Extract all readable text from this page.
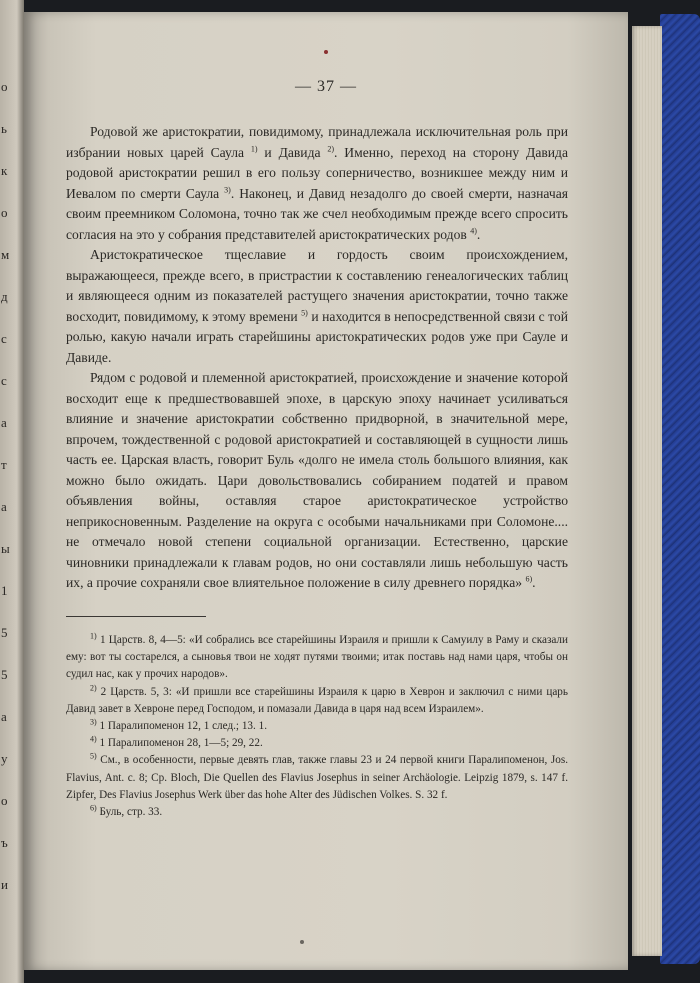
о
ь
к
о
м
д
с
с
а
т
а
ы
1
5
5
а
у
о
ъ
и
— 37 —

Родовой же аристократии, повидимому, принадлежала исключительная роль при избрании новых царей Саула $^{1)}$ и Давида $^{2)}$. Именно, переход на сторону Давида родовой аристократии решил в его пользу соперничество, возникшее между ним и Иевалом по смерти Саула $^{3)}$. Наконец, и Давид незадолго до своей смерти, назначая своим преемником Соломона, точно так же счел необходимым прежде всего спросить согласия на это у собрания представителей аристократических родов $^{4)}$.

Аристократическое тщеславие и гордость своим происхождением, выражающееся, прежде всего, в пристрастии к составлению генеалогических таблиц и являющееся одним из показателей растущего значения аристократии, точно также восходит, повидимому, к этому времени $^{5)}$ и находится в непосредственной связи с той ролью, какую начали играть старейшины аристократических родов уже при Сауле и Давиде.

Рядом с родовой и племенной аристократией, происхождение и значение которой восходит еще к предшествовавшей эпохе, в царскую эпоху начинает усиливаться влияние и значение аристократии собственно придворной, в значительной мере, впрочем, тождественной с родовой аристократией и составляющей в сущности лишь часть ее. Царская власть, говорит Буль «долго не имела столь большого влияния, как можно было ожидать. Цари довольствовались собиранием податей и правом объявления войны, оставляя старое аристократическое устройство неприкосновенным. Разделение на округа с особыми начальниками при Соломоне.... не отмечало новой степени социальной организации. Естественно, царские чиновники принадлежали к главам родов, но они составляли лишь небольшую часть их, а прочие сохраняли свое влиятельное положение в силу древнего порядка» $^{6)}$.

$^{1)}$ 1 Царств. 8, 4—5: «И собрались все старейшины Израиля и пришли к Самуилу в Раму и сказали ему: вот ты состарелся, а сыновья твои не ходят путями твоими; итак поставь над нами царя, чтобы он судил нас, как у прочих народов».

$^{2)}$ 2 Царств. 5, 3: «И пришли все старейшины Израиля к царю в Хеврон и заключил с ними царь Давид завет в Хевроне перед Господом, и помазали Давида в царя над всем Израилем».

$^{3)}$ 1 Паралипоменон 12, 1 след.; 13. 1.

$^{4)}$ 1 Паралипоменон 28, 1—5; 29, 22.

$^{5)}$ См., в особенности, первые девять глав, также главы 23 и 24 первой книги Паралипоменон, Jos. Flavius, Ant. с. 8; Cp. Bloch, Die Quellen des Flavius Josephus in seiner Archäologie. Leipzig 1879, s. 147 f. Zipfer, Des Flavius Josephus Werk über das hohe Alter des Jüdischen Volkes. S. 32 f.

$^{6)}$ Буль, стр. 33.
